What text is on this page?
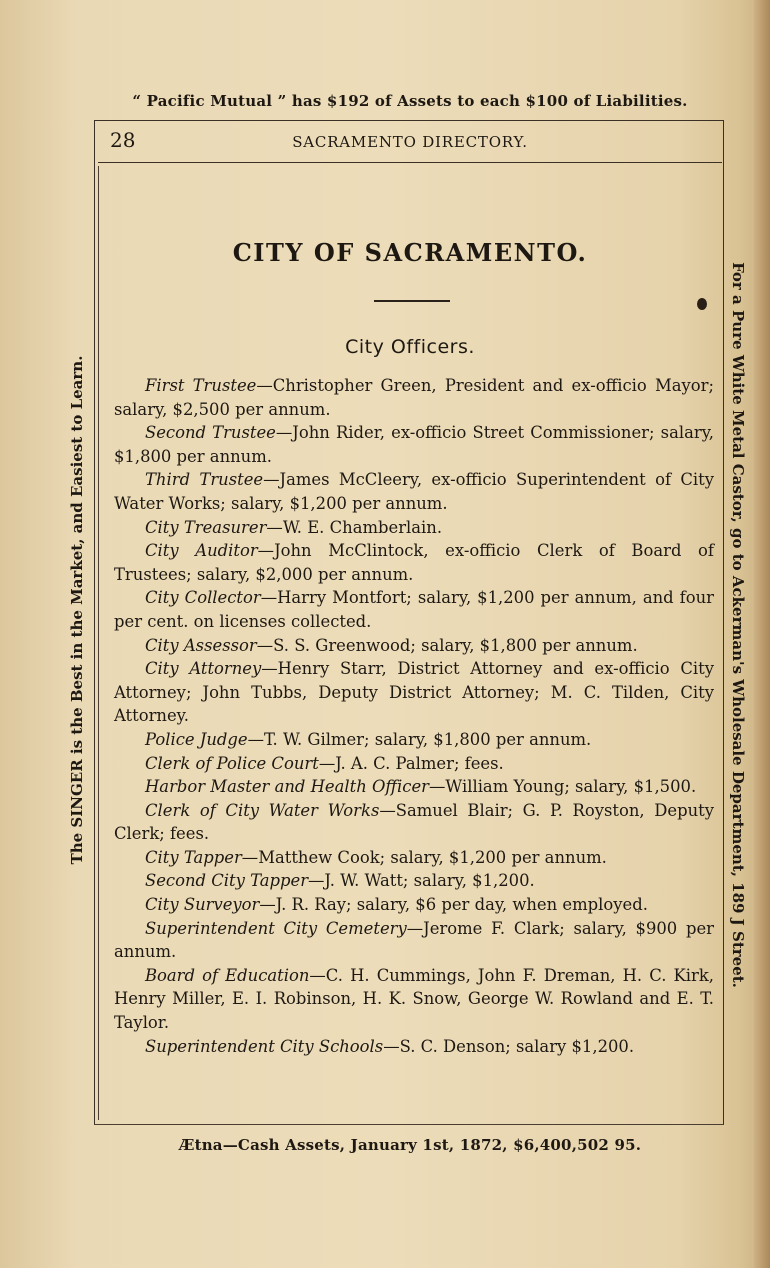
“ Pacific Mutual ” has $192 of Assets to each $100 of Liabilities.
28	SACRAMENTO DIRECTORY.
CITY OF SACRAMENTO.
City Officers.

First Trustee—Christopher Green, President and ex-officio Mayor; salary, $2,500 per annum.

Second Trustee—John Rider, ex-officio Street Commissioner; salary, $1,800 per annum.

Third Trustee—James McCleery, ex-officio Superintendent of City Water Works; salary, $1,200 per annum.

City Treasurer—W. E. Chamberlain.

City Auditor—John McClintock, ex-officio Clerk of Board of Trustees; salary, $2,000 per annum.

City Collector—Harry Montfort; salary, $1,200 per annum, and four per cent. on licenses collected.

City Assessor—S. S. Greenwood; salary, $1,800 per annum.

City Attorney—Henry Starr, District Attorney and ex-officio City Attorney; John Tubbs, Deputy District Attorney; M. C. Tilden, City Attorney.

Police Judge—T. W. Gilmer; salary, $1,800 per annum.

Clerk of Police Court—J. A. C. Palmer; fees.

Harbor Master and Health Officer—William Young; salary, $1,500.

Clerk of City Water Works—Samuel Blair; G. P. Royston, Deputy Clerk; fees.

City Tapper—Matthew Cook; salary, $1,200 per annum.

Second City Tapper—J. W. Watt; salary, $1,200.

City Surveyor—J. R. Ray; salary, $6 per day, when employed.

Superintendent City Cemetery—Jerome F. Clark; salary, $900 per annum.

Board of Education—C. H. Cummings, John F. Dreman, H. C. Kirk, Henry Miller, E. I. Robinson, H. K. Snow, George W. Rowland and E. T. Taylor.

Superintendent City Schools—S. C. Denson; salary $1,200.

Ætna—Cash Assets, January 1st, 1872, $6,400,502 95.
The SINGER is the Best in the Market, and Easiest to Learn.	For a Pure White Metal Castor, go to Ackerman's Wholesale Department, 189 J Street.
